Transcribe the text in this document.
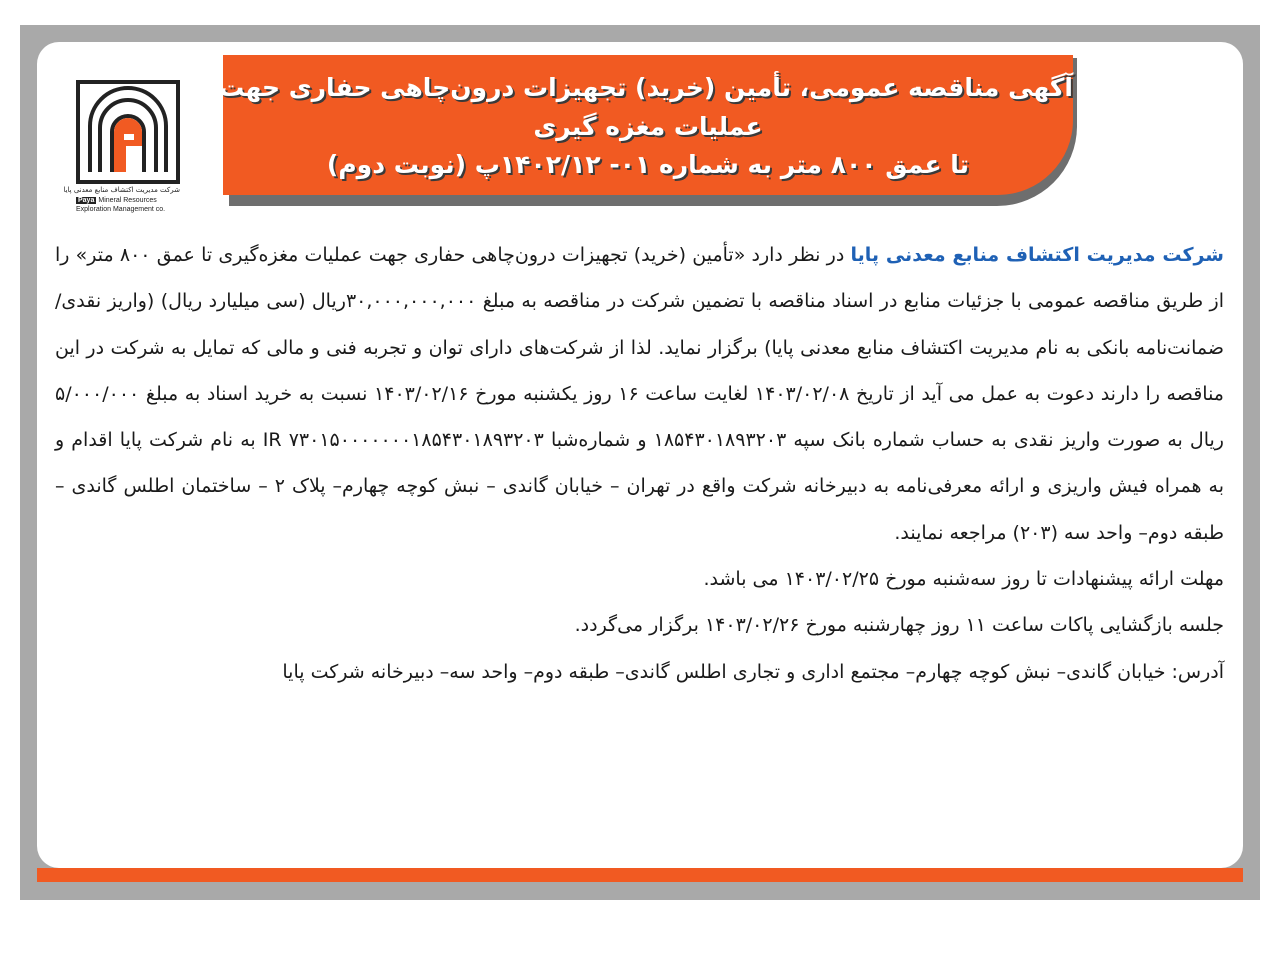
آگهی مناقصه عمومی، تأمین (خرید) تجهیزات درون‌چاهی حفاری جهت
عملیات مغزه گیری
تا عمق ۸۰۰ متر به شماره ۰۱- ۱۴۰۲/۱۲پ (نوبت دوم)
شرکت مدیریت اکتشاف منابع معدنی پایا
Paya Mineral Resources
Exploration Management co.

شرکت مدیریت اکتشاف منابع معدنی پایا در نظر دارد «تأمین (خرید) تجهیزات درون‌چاهی حفاری جهت عملیات مغزه‌گیری تا عمق ۸۰۰ متر» را از طریق مناقصه عمومی با جزئیات منابع در اسناد مناقصه با تضمین شرکت در مناقصه به مبلغ ۳۰,۰۰۰,۰۰۰,۰۰۰ریال (سی میلیارد ریال) (واریز نقدی/ ضمانت‌نامه بانکی به نام مدیریت اکتشاف منابع معدنی پایا) برگزار نماید. لذا از شرکت‌های دارای توان و تجربه فنی و مالی که تمایل به شرکت در این مناقصه را دارند دعوت به عمل می آید از تاریخ ۱۴۰۳/۰۲/۰۸ لغایت ساعت ۱۶ روز یکشنبه مورخ ۱۴۰۳/۰۲/۱۶ نسبت به خرید اسناد به مبلغ ۵/۰۰۰/۰۰۰ ریال به صورت واریز نقدی به حساب شماره بانک سپه ۱۸۵۴۳۰۱۸۹۳۲۰۳ و شماره‌شبا IR ۷۳۰۱۵۰۰۰۰۰۰۰۱۸۵۴۳۰۱۸۹۳۲۰۳ به نام شرکت پایا اقدام و به همراه فیش واریزی و ارائه معرفی‌نامه به دبیرخانه شرکت واقع در تهران – خیابان گاندی – نبش کوچه چهارم– پلاک ۲ – ساختمان اطلس گاندی – طبقه دوم– واحد سه (۲۰۳) مراجعه نمایند.

مهلت ارائه پیشنهادات تا روز سه‌شنبه مورخ ۱۴۰۳/۰۲/۲۵ می باشد.

جلسه بازگشایی پاکات ساعت ۱۱ روز چهارشنبه مورخ ۱۴۰۳/۰۲/۲۶ برگزار می‌گردد.

آدرس: خیابان گاندی– نبش کوچه چهارم– مجتمع اداری و تجاری اطلس گاندی– طبقه دوم– واحد سه– دبیرخانه شرکت پایا
